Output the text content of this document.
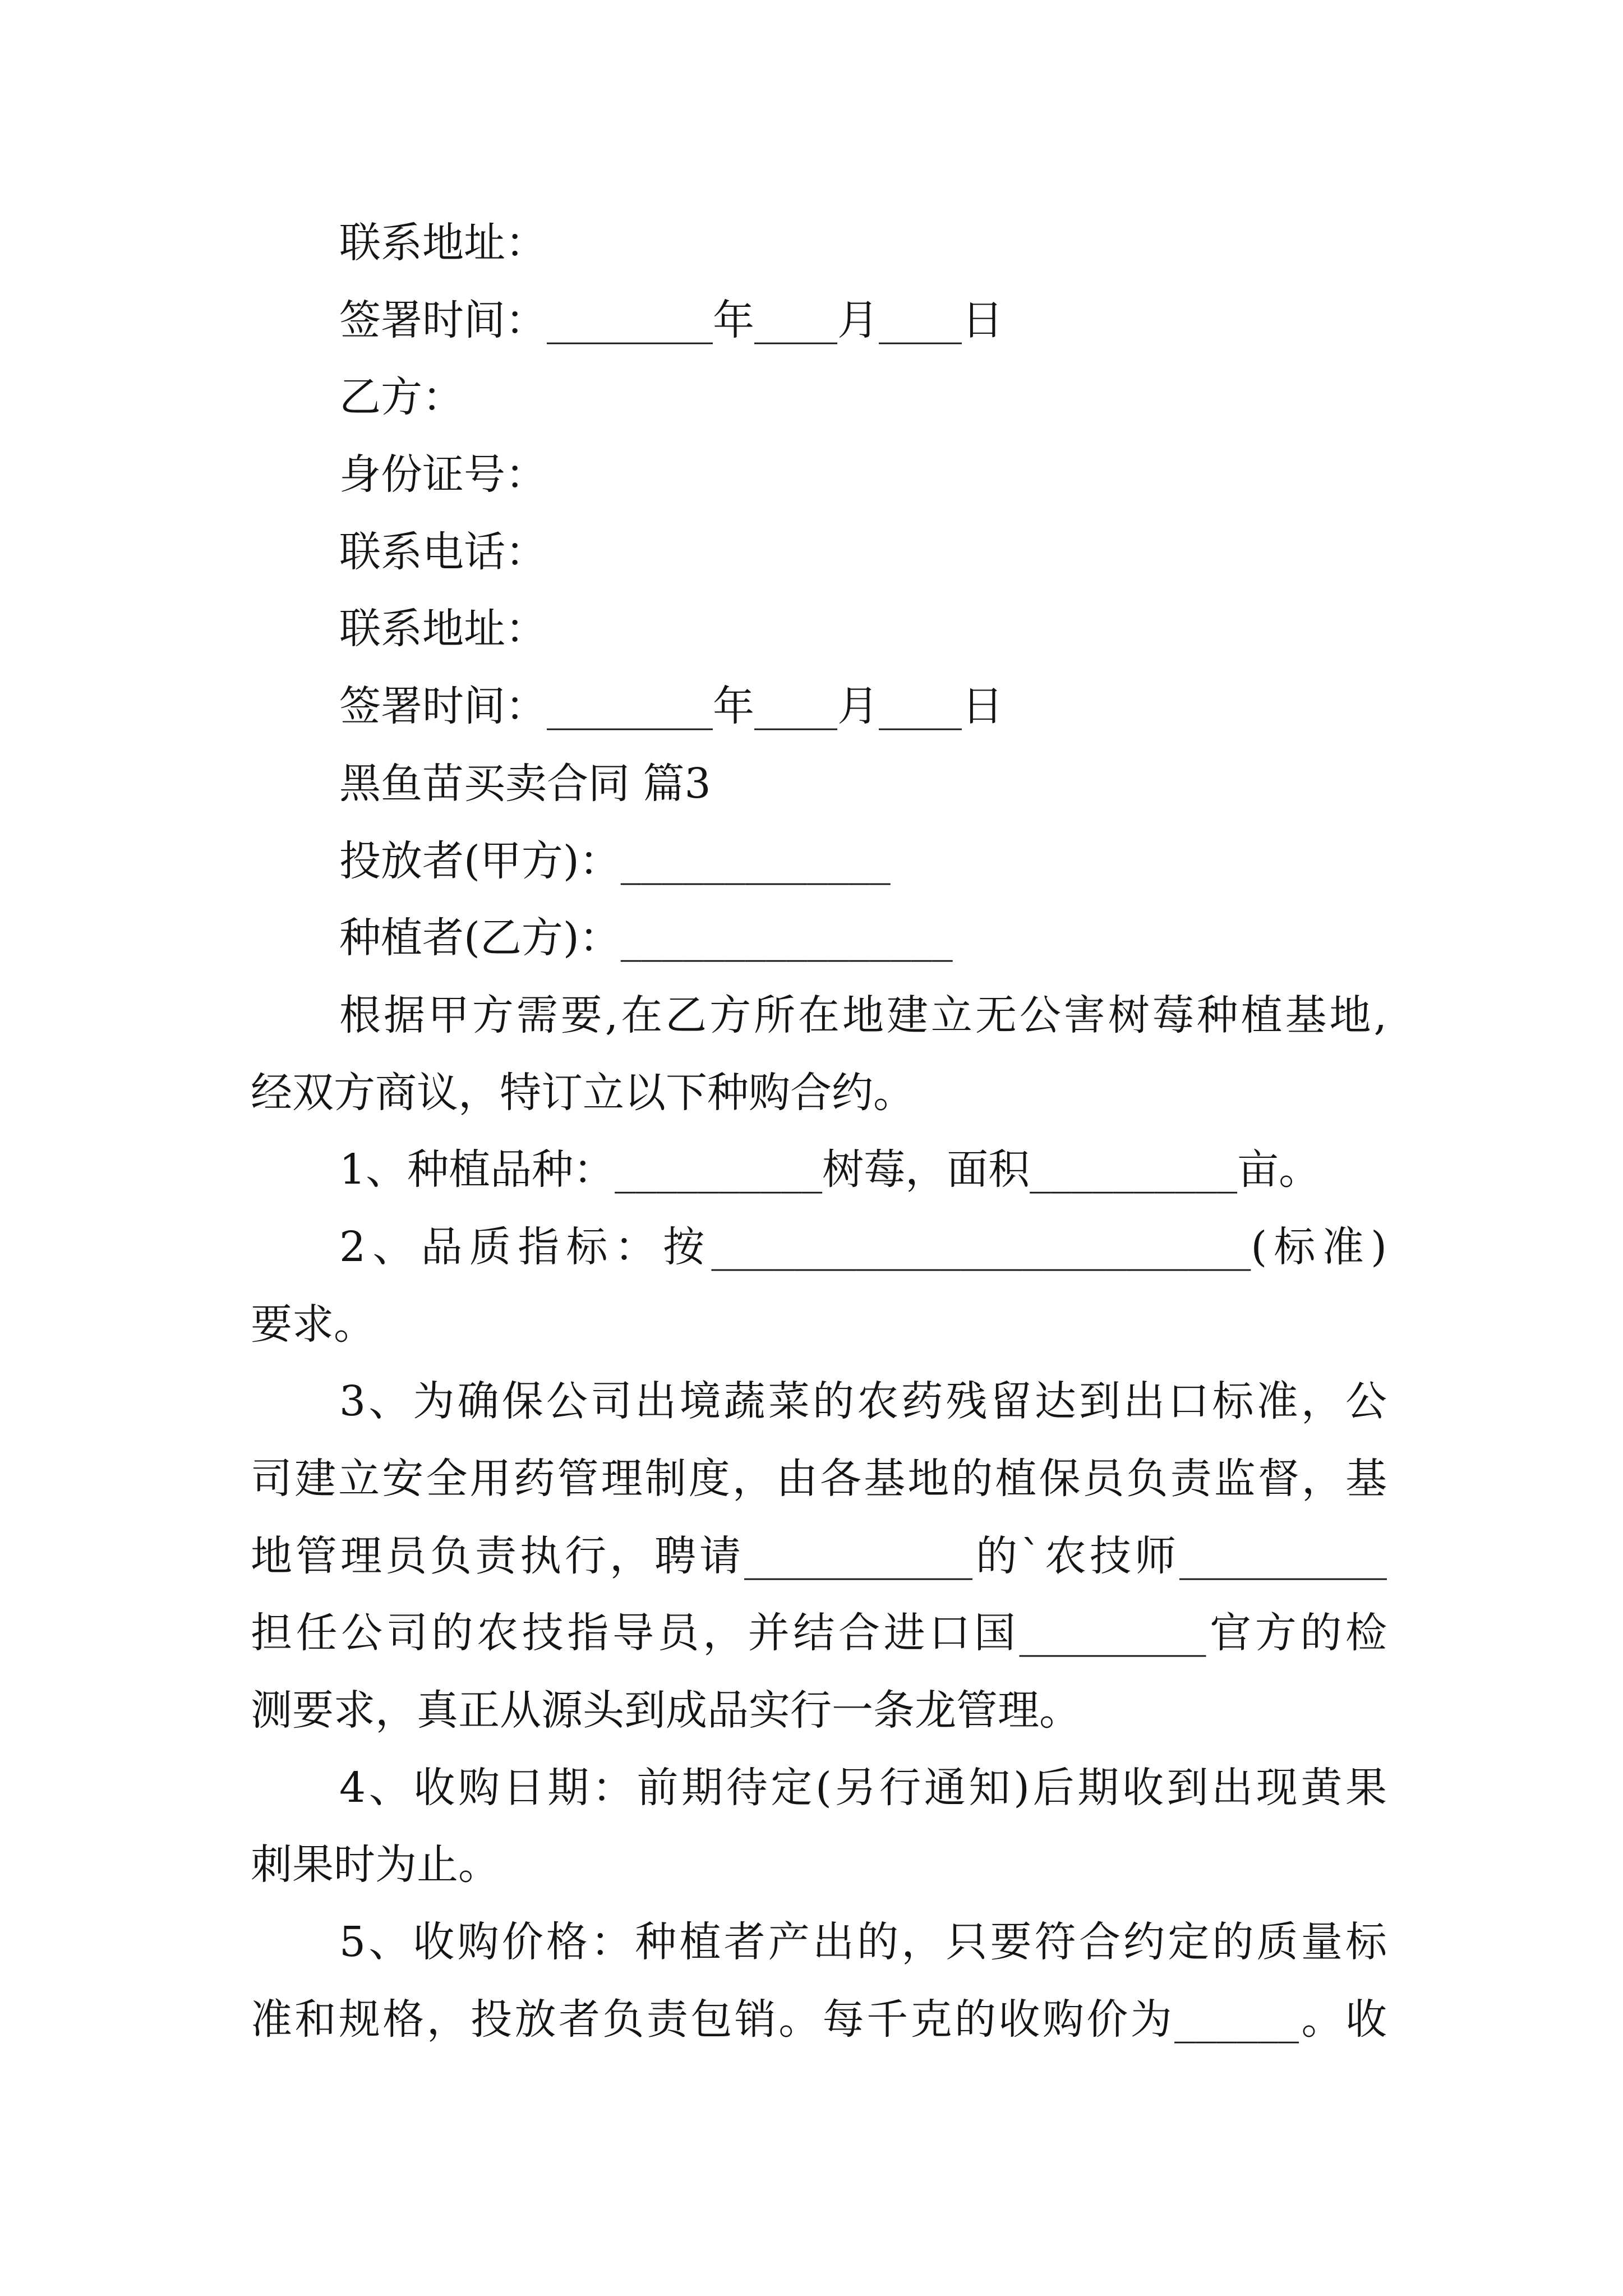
联系地址：
签署时间：________年____月____日
乙方：
身份证号：
联系电话：
联系地址：
签署时间：________年____月____日
黑鱼苗买卖合同 篇3
投放者(甲方)：_____________
种植者(乙方)：________________
根据甲方需要,在乙方所在地建立无公害树莓种植基地,
经双方商议，特订立以下种购合约。
1、种植品种：__________树莓，面积__________亩。
2、品质指标：按__________________________(标准)
要求。
3、为确保公司出境蔬菜的农药残留达到出口标准，公
司建立安全用药管理制度，由各基地的植保员负责监督，基
地管理员负责执行，聘请___________的`农技师__________
担任公司的农技指导员，并结合进口国_________官方的检
测要求，真正从源头到成品实行一条龙管理。
4、收购日期：前期待定(另行通知)后期收到出现黄果
刺果时为止。
5、收购价格：种植者产出的，只要符合约定的质量标
准和规格，投放者负责包销。每千克的收购价为______。收
